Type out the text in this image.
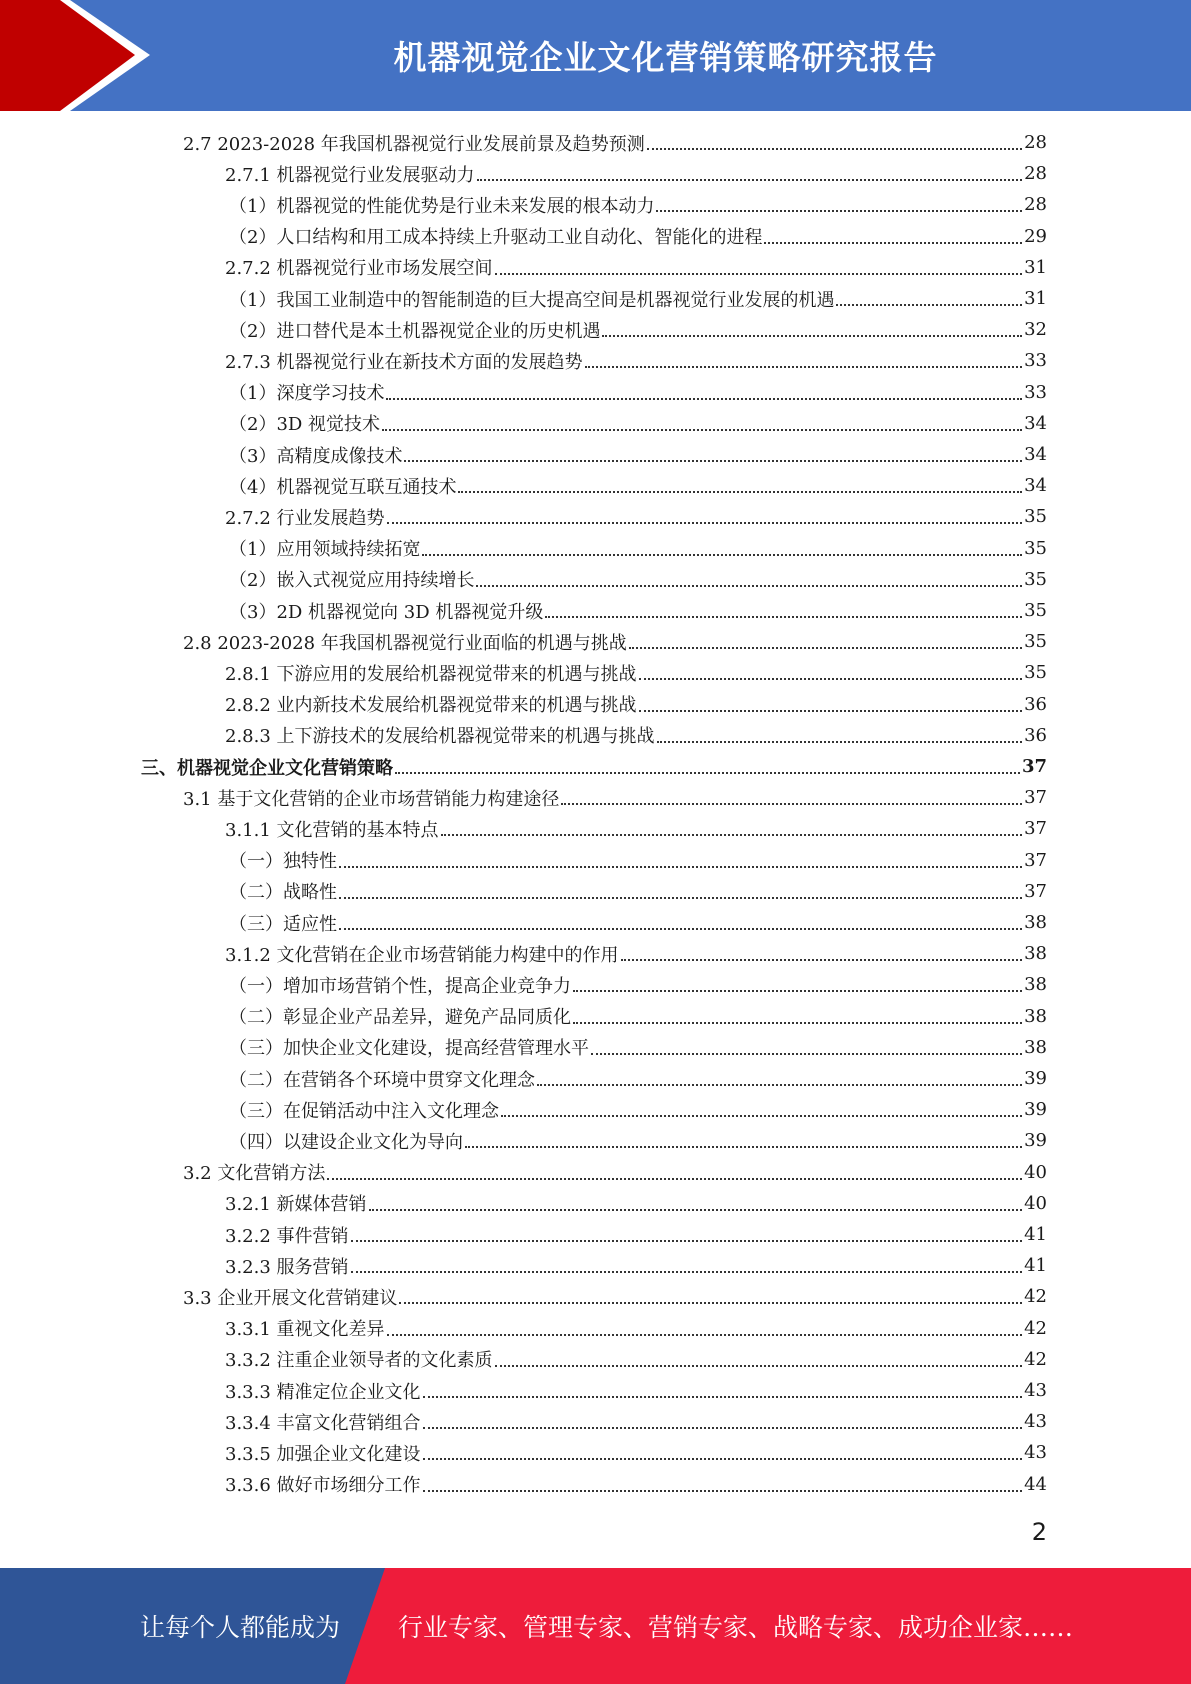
机器视觉企业文化营销策略研究报告
2.7 2023-2028 年我国机器视觉行业发展前景及趋势预测	28
2.7.1 机器视觉行业发展驱动力	28
（1）机器视觉的性能优势是行业未来发展的根本动力	28
（2）人口结构和用工成本持续上升驱动工业自动化、智能化的进程	29
2.7.2 机器视觉行业市场发展空间	31
（1）我国工业制造中的智能制造的巨大提高空间是机器视觉行业发展的机遇	31
（2）进口替代是本土机器视觉企业的历史机遇	32
2.7.3 机器视觉行业在新技术方面的发展趋势	33
（1）深度学习技术	33
（2）3D 视觉技术	34
（3）高精度成像技术	34
（4）机器视觉互联互通技术	34
2.7.2 行业发展趋势	35
（1）应用领域持续拓宽	35
（2）嵌入式视觉应用持续增长	35
（3）2D 机器视觉向 3D 机器视觉升级	35
2.8 2023-2028 年我国机器视觉行业面临的机遇与挑战	35
2.8.1 下游应用的发展给机器视觉带来的机遇与挑战	35
2.8.2 业内新技术发展给机器视觉带来的机遇与挑战	36
2.8.3 上下游技术的发展给机器视觉带来的机遇与挑战	36
三、机器视觉企业文化营销策略	37
3.1 基于文化营销的企业市场营销能力构建途径	37
3.1.1 文化营销的基本特点	37
（一）独特性	37
（二）战略性	37
（三）适应性	38
3.1.2 文化营销在企业市场营销能力构建中的作用	38
（一）增加市场营销个性，提高企业竞争力	38
（二）彰显企业产品差异，避免产品同质化	38
（三）加快企业文化建设，提高经营管理水平	38
（二）在营销各个环境中贯穿文化理念	39
（三）在促销活动中注入文化理念	39
（四）以建设企业文化为导向	39
3.2 文化营销方法	40
3.2.1 新媒体营销	40
3.2.2 事件营销	41
3.2.3 服务营销	41
3.3 企业开展文化营销建议	42
3.3.1 重视文化差异	42
3.3.2 注重企业领导者的文化素质	42
3.3.3 精准定位企业文化	43
3.3.4 丰富文化营销组合	43
3.3.5 加强企业文化建设	43
3.3.6 做好市场细分工作	44
2
让每个人都能成为 行业专家、管理专家、营销专家、战略专家、成功企业家……
